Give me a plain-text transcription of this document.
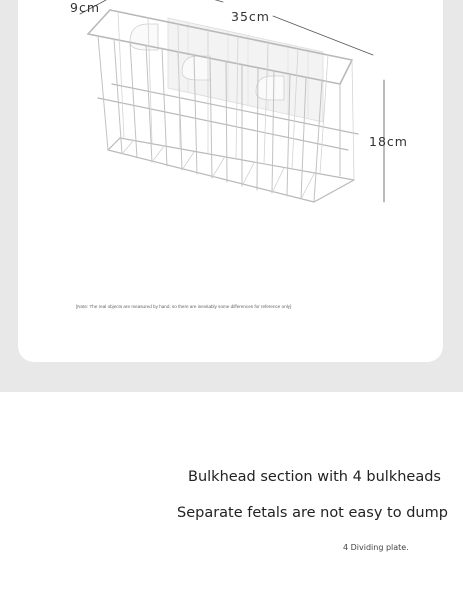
9cm
35cm
18cm
[Note: The real objects are measured by hand, so there are inevitably some differences for reference only]
Bulkhead section with 4 bulkheads
Separate fetals are not easy to dump
4 Dividing plate.
